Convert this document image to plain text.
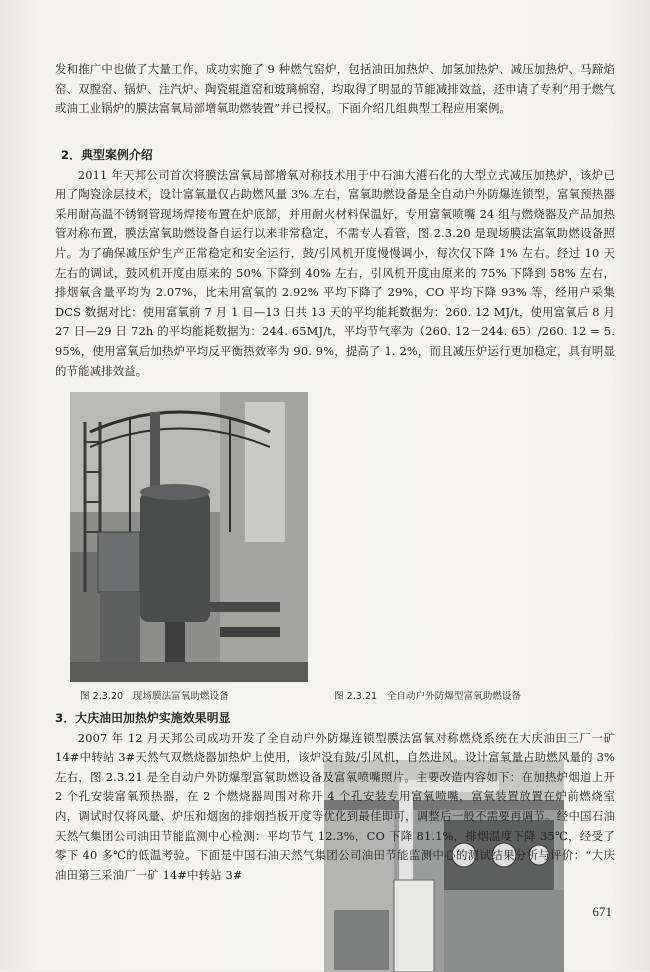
发和推广中也做了大量工作，成功实施了 9 种燃气窑炉，包括油田加热炉、加氢加热炉、减压加热炉、马蹄焰窑、双膛窑、锅炉、注汽炉、陶瓷辊道窑和玻璃棉窑，均取得了明显的节能减排效益，还申请了专利“用于燃气或油工业锅炉的膜法富氧局部增氧助燃装置”并已授权。下面介绍几组典型工程应用案例。

2．典型案例介绍

2011 年天邦公司首次将膜法富氧局部增氧对称技术用于中石油大港石化的大型立式减压加热炉，该炉已用了陶瓷涂层技术，设计富氧量仅占助燃风量 3% 左右，富氧助燃设备是全自动户外防爆连锁型，富氧预热器采用耐高温不锈钢管现场焊接布置在炉底部，并用耐火材料保温好，专用富氧喷嘴 24 组与燃烧器及产品加热管对称布置，膜法富氧助燃设备自运行以来非常稳定，不需专人看管，图 2.3.20 是现场膜法富氧助燃设备照片。为了确保减压炉生产正常稳定和安全运行，鼓/引风机开度慢慢调小，每次仅下降 1% 左右。经过 10 天左右的调试，鼓风机开度由原来的 50% 下降到 40% 左右，引风机开度由原来的 75% 下降到 58% 左右，排烟氧含量平均为 2.07%，比未用富氧的 2.92% 平均下降了 29%，CO 平均下降 93% 等，经用户采集 DCS 数据对比：使用富氧前 7 月 1 日—13 日共 13 天的平均能耗数据为：260. 12 MJ/t，使用富氧后 8 月 27 日—29 日 72h 的平均能耗数据为：244. 65MJ/t，平均节气率为（260. 12－244. 65）/260. 12 = 5. 95%，使用富氧后加热炉平均反平衡热效率为 90. 9%，提高了 1. 2%，而且减压炉运行更加稳定，具有明显的节能减排效益。

图 2.3.20　现场膜法富氧助燃设备	图 2.3.21　全自动户外防爆型富氧助燃设备
3．大庆油田加热炉实施效果明显

2007 年 12 月天邦公司成功开发了全自动户外防爆连锁型膜法富氧对称燃烧系统在大庆油田三厂一矿 14#中转站 3#天然气双燃烧器加热炉上使用，该炉没有鼓/引风机，自然进风。设计富氧量占助燃风量的 3% 左右，图 2.3.21 是全自动户外防爆型富氧助燃设备及富氧喷嘴照片。主要改造内容如下：在加热炉烟道上开 2 个孔安装富氧预热器，在 2 个燃烧器周围对称开 4 个孔安装专用富氧喷嘴，富氧装置放置在炉前燃烧室内，调试时仅将风量、炉压和烟囱的排烟挡板开度等优化到最佳即可，调整后一般不需要再调节。经中国石油天然气集团公司油田节能监测中心检测：平均节气 12.3%，CO 下降 81.1%，排烟温度下降 35℃，经受了零下 40 多℃的低温考验。下面是中国石油天然气集团公司油田节能监测中心的测试结果分析与评价：“大庆油田第三采油厂一矿 14#中转站 3#

671
